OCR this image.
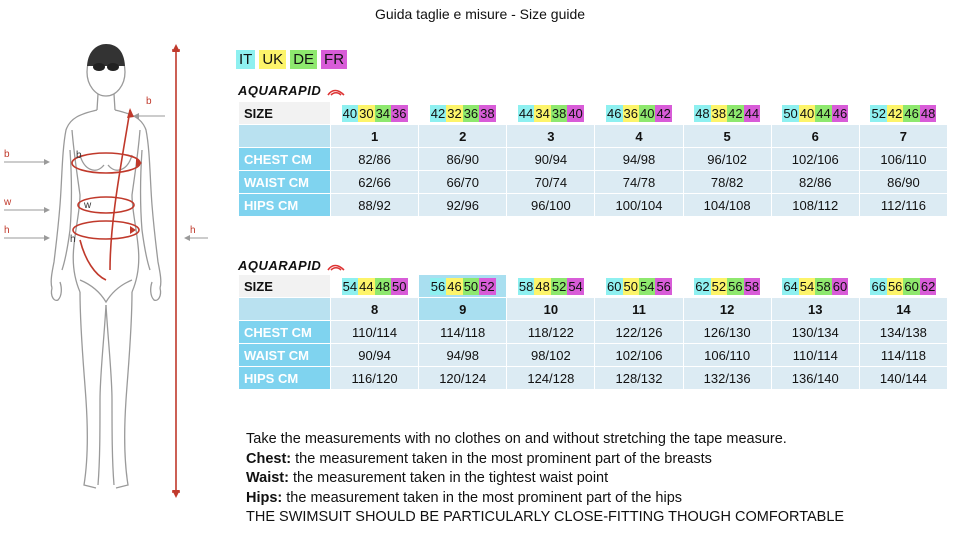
Guida taglie e misure - Size guide
b
w
h
b
h
b
w
h
IT UK DE FR
AQUARAPID
SIZE	40 30 34 36	42 32 36 38	44 34 38 40	46 36 40 42	48 38 42 44	50 40 44 46	52 42 46 48

	1	2	3	4	5	6	7
CHEST CM	82/86	86/90	90/94	94/98	96/102	102/106	106/110
WAIST CM	62/66	66/70	70/74	74/78	78/82	82/86	86/90
HIPS CM	88/92	92/96	96/100	100/104	104/108	108/112	112/116
AQUARAPID
SIZE	54 44 48 50	56 46 50 52	58 48 52 54	60 50 54 56	62 52 56 58	64 54 58 60	66 56 60 62

	8	9	10	11	12	13	14
CHEST CM	110/114	114/118	118/122	122/126	126/130	130/134	134/138
WAIST CM	90/94	94/98	98/102	102/106	106/110	110/114	114/118
HIPS CM	116/120	120/124	124/128	128/132	132/136	136/140	140/144
Take the measurements with no clothes on and without stretching the tape measure.
Chest: the measurement taken in the most prominent part of the breasts
Waist: the measurement taken in the tightest waist point
Hips: the measurement taken in the most prominent part of the hips
THE SWIMSUIT SHOULD BE PARTICULARLY CLOSE-FITTING THOUGH COMFORTABLE
